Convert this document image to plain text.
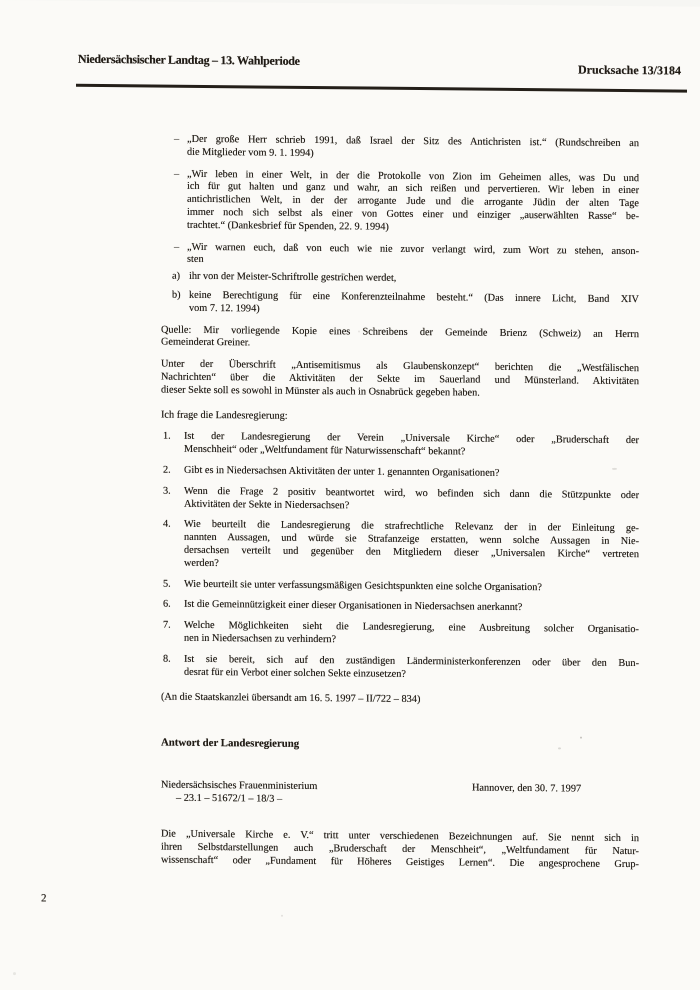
Niedersächsischer Landtag – 13. Wahlperiode
Drucksache 13/3184
– „Der große Herr schrieb 1991, daß Israel der Sitz des Antichristen ist.“ (Rundschreiben an
die Mitglieder vom 9. 1. 1994)
– „Wir leben in einer Welt, in der die Protokolle von Zion im Geheimen alles, was Du und
ich für gut halten und ganz und wahr, an sich reißen und pervertieren. Wir leben in einer
antichristlichen Welt, in der der arrogante Jude und die arrogante Jüdin der alten Tage
immer noch sich selbst als einer von Gottes einer und einziger „auserwählten Rasse“ be-
trachtet.“ (Dankesbrief für Spenden, 22. 9. 1994)
– „Wir warnen euch, daß von euch wie nie zuvor verlangt wird, zum Wort zu stehen, anson-
sten
a) ihr von der Meister-Schriftrolle gestrichen werdet,
b) keine Berechtigung für eine Konferenzteilnahme besteht.“ (Das innere Licht, Band XIV
vom 7. 12. 1994)
Quelle: Mir vorliegende Kopie eines Schreibens der Gemeinde Brienz (Schweiz) an Herrn
Gemeinderat Greiner.
Unter der Überschrift „Antisemitismus als Glaubenskonzept“ berichten die „Westfälischen
Nachrichten“ über die Aktivitäten der Sekte im Sauerland und Münsterland. Aktivitäten
dieser Sekte soll es sowohl in Münster als auch in Osnabrück gegeben haben.
Ich frage die Landesregierung:
1. Ist der Landesregierung der Verein „Universale Kirche“ oder „Bruderschaft der
Menschheit“ oder „Weltfundament für Naturwissenschaft“ bekannt?
2. Gibt es in Niedersachsen Aktivitäten der unter 1. genannten Organisationen?
3. Wenn die Frage 2 positiv beantwortet wird, wo befinden sich dann die Stützpunkte oder
Aktivitäten der Sekte in Niedersachsen?
4. Wie beurteilt die Landesregierung die strafrechtliche Relevanz der in der Einleitung ge-
nannten Aussagen, und würde sie Strafanzeige erstatten, wenn solche Aussagen in Nie-
dersachsen verteilt und gegenüber den Mitgliedern dieser „Universalen Kirche“ vertreten
werden?
5. Wie beurteilt sie unter verfassungsmäßigen Gesichtspunkten eine solche Organisation?
6. Ist die Gemeinnützigkeit einer dieser Organisationen in Niedersachsen anerkannt?
7. Welche Möglichkeiten sieht die Landesregierung, eine Ausbreitung solcher Organisatio-
nen in Niedersachsen zu verhindern?
8. Ist sie bereit, sich auf den zuständigen Länderministerkonferenzen oder über den Bun-
desrat für ein Verbot einer solchen Sekte einzusetzen?
(An die Staatskanzlei übersandt am 16. 5. 1997 – II/722 – 834)
Antwort der Landesregierung
Niedersächsisches Frauenministerium
– 23.1 – 51672/1 – 18/3 –
Die „Universale Kirche e. V.“ tritt unter verschiedenen Bezeichnungen auf. Sie nennt sich in
ihren Selbstdarstellungen auch „Bruderschaft der Menschheit“, „Weltfundament für Natur-
wissenschaft“ oder „Fundament für Höheres Geistiges Lernen“. Die angesprochene Grup-
Hannover, den 30. 7. 1997
2
